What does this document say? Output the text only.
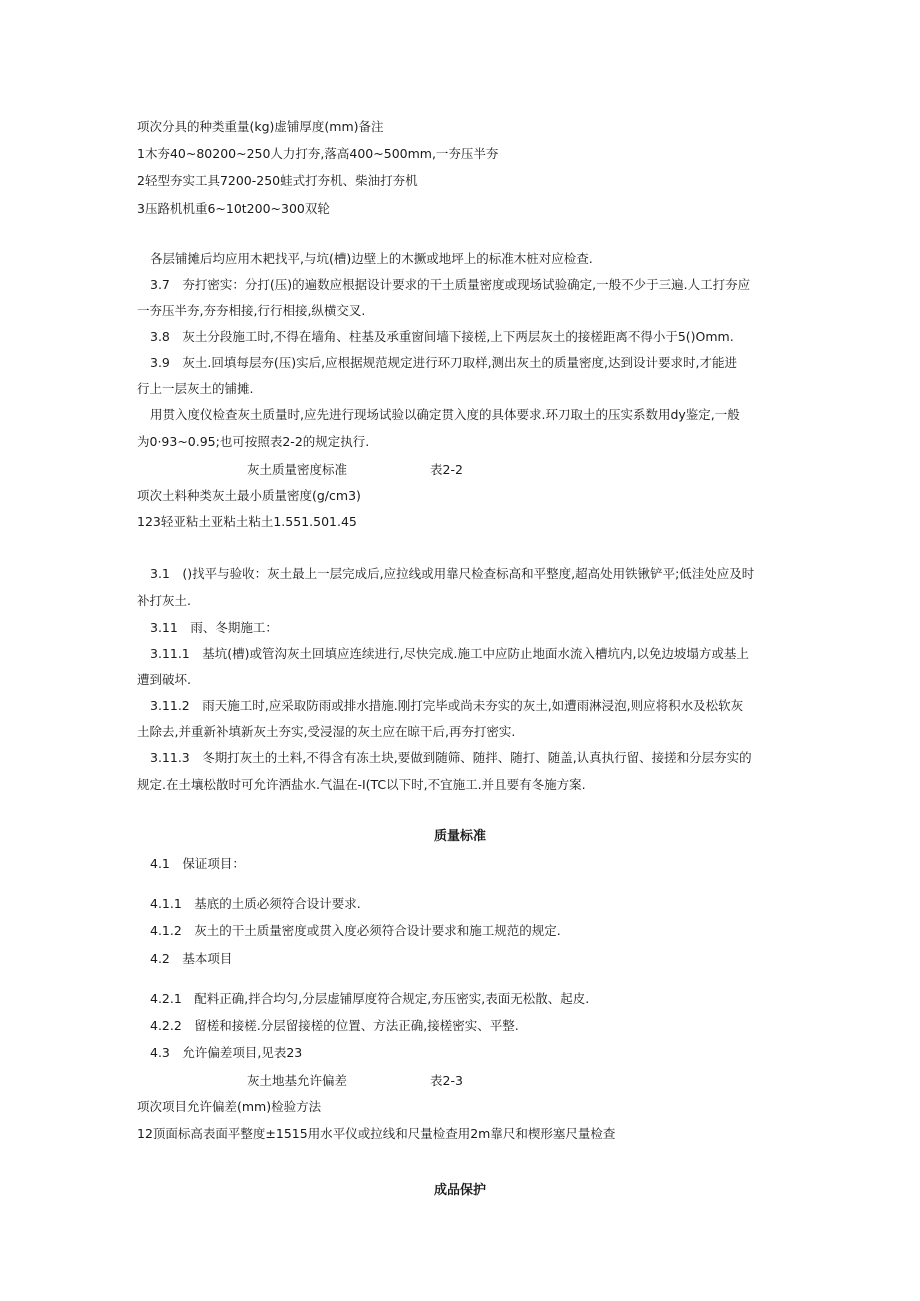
项次分具的种类重量(kg)虚铺厚度(mm)备注
1木夯40~80200~250人力打夯,落高400~500mm,一夯压半夯
2轻型夯实工具7200-250蛙式打夯机、柴油打夯机
3压路机机重6~10t200~300双轮
各层铺摊后均应用木耙找平,与坑(槽)边壁上的木撅或地坪上的标准木桩对应检查.
3.7　夯打密实：分打(压)的遍数应根据设计要求的干土质量密度或现场试验确定,一般不少于三遍.人工打夯应
一夯压半夯,夯夯相接,行行相接,纵横交叉.
3.8　灰土分段施工时,不得在墙角、柱基及承重窗间墙下接槎,上下两层灰土的接槎距离不得小于5()Omm.
3.9　灰土.回填每层夯(压)实后,应根据规范规定进行环刀取样,测出灰土的质量密度,达到设计要求时,才能进
行上一层灰土的铺摊.
用贯入度仪检查灰土质量时,应先进行现场试验以确定贯入度的具体要求.环刀取土的压实系数用dy鉴定,一般
为0·93~0.95;也可按照表2-2的规定执行.
灰土质量密度标准	表2-2
项次土料种类灰土最小质量密度(g/cm3)
123轻亚粘土亚粘土粘土1.551.501.45
3.1　()找平与验收：灰土最上一层完成后,应拉线或用靠尺检查标高和平整度,超高处用铁锹铲平;低洼处应及时
补打灰土.
3.11　雨、冬期施工：
3.11.1　基坑(槽)或管沟灰土回填应连续进行,尽快完成.施工中应防止地面水流入槽坑内,以免边坡塌方或基上
遭到破坏.
3.11.2　雨天施工时,应采取防雨或排水措施.刚打完毕或尚未夯实的灰土,如遭雨淋浸泡,则应将积水及松软灰
土除去,并重新补填新灰土夯实,受浸湿的灰土应在晾干后,再夯打密实.
3.11.3　冬期打灰土的土料,不得含有冻土块,要做到随筛、随拌、随打、随盖,认真执行留、接搓和分层夯实的
规定.在土壤松散时可允许洒盐水.气温在-I(TC以下时,不宜施工.并且要有冬施方案.
质量标准
4.1　保证项目：
4.1.1　基底的土质必须符合设计要求.
4.1.2　灰土的干土质量密度或贯入度必须符合设计要求和施工规范的规定.
4.2　基本项目
4.2.1　配料正确,拌合均匀,分层虚铺厚度符合规定,夯压密实,表面无松散、起皮.
4.2.2　留槎和接槎.分层留接槎的位置、方法正确,接槎密实、平整.
4.3　允许偏差项目,见表23
灰土地基允许偏差	表2-3
项次项目允许偏差(mm)检验方法
12顶面标高表面平整度±1515用水平仪或拉线和尺量检查用2m靠尺和楔形塞尺量检查
成品保护
